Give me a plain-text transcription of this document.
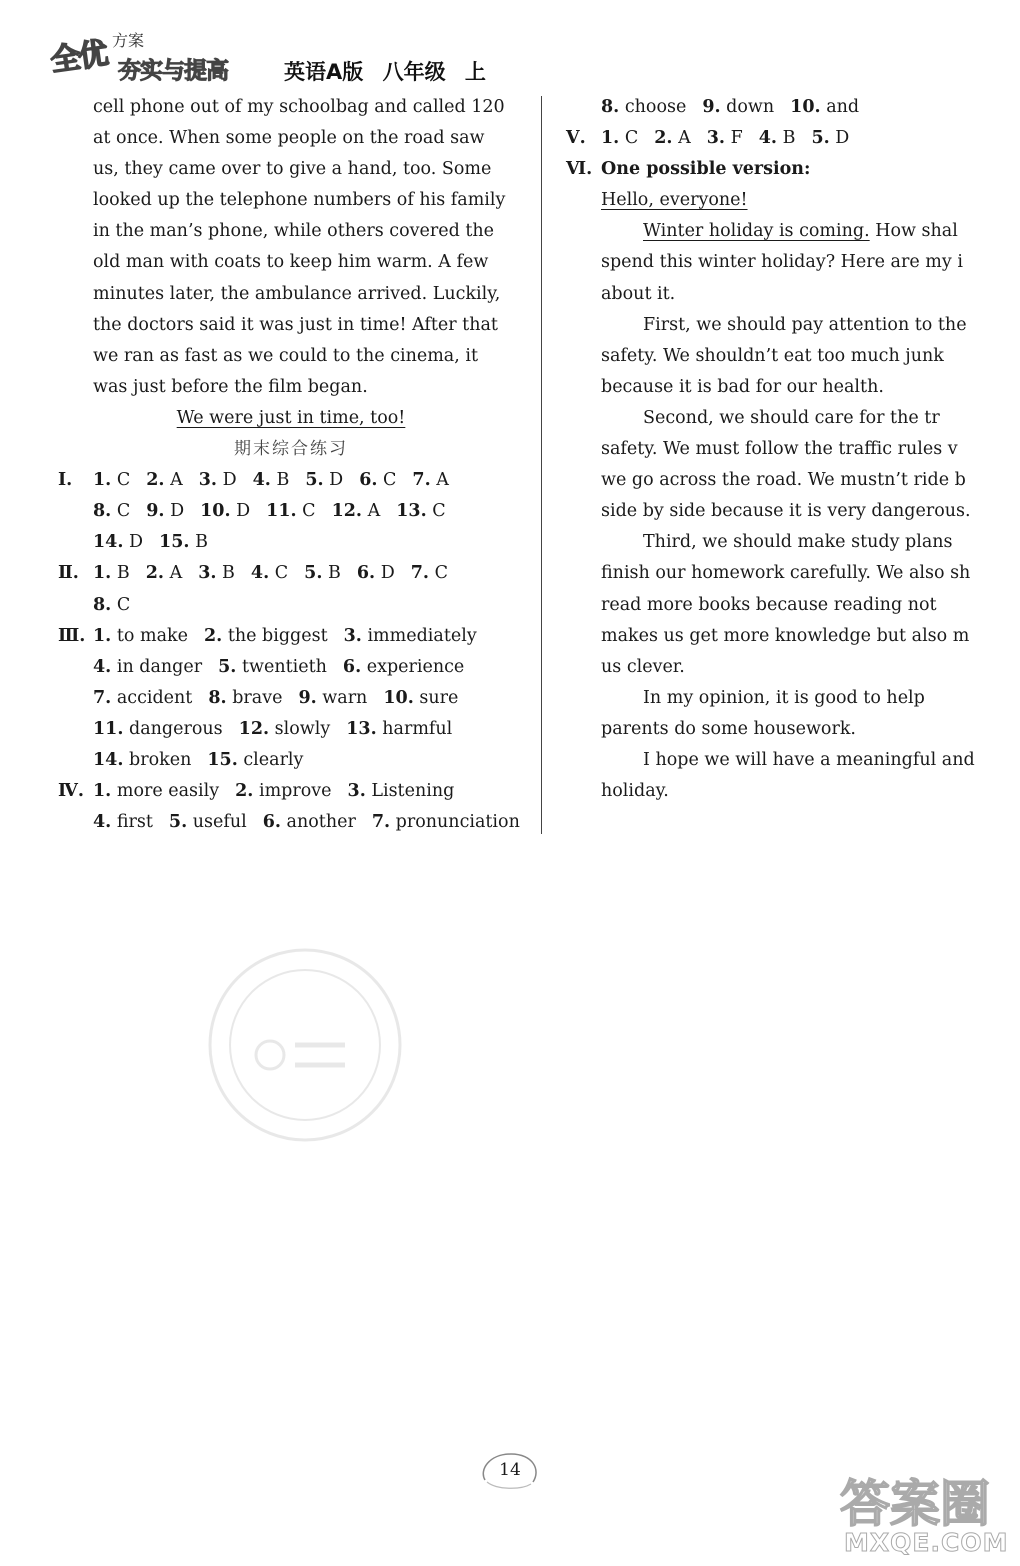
全优 方案
夯实与提高	英语A版 八年级 上

cell phone out of my schoolbag and called 120

at once. When some people on the road saw

us, they came over to give a hand, too. Some

looked up the telephone numbers of his family

in the man’s phone, while others covered the

old man with coats to keep him warm. A few

minutes later, the ambulance arrived. Luckily,

the doctors said it was just in time! After that

we ran as fast as we could to the cinema, it

was just before the film began.

We were just in time, too!

期末综合练习

Ⅰ.	1. C 2. A 3. D 4. B 5. D 6. C 7. A
8. C 9. D 10. D 11. C 12. A 13. C
14. D 15. B
Ⅱ. 1. B 2. A 3. B 4. C 5. B 6. D 7. C
8. C
Ⅲ. 1. to make 2. the biggest 3. immediately
4. in danger 5. twentieth 6. experience
7. accident 8. brave 9. warn 10. sure
11. dangerous 12. slowly 13. harmful
14. broken 15. clearly
Ⅳ. 1. more easily 2. improve 3. Listening
4. first 5. useful 6. another 7. pronunciation
8. choose 9. down 10. and
Ⅴ. 1. C 2. A 3. F 4. B 5. D
Ⅵ. One possible version:
Hello, everyone!

Winter holiday is coming. How shal

spend this winter holiday? Here are my i

about it.

First, we should pay attention to the

safety. We shouldn’t eat too much junk

because it is bad for our health.

Second, we should care for the tr

safety. We must follow the traffic rules v

we go across the road. We mustn’t ride b

side by side because it is very dangerous.

Third, we should make study plans

finish our homework carefully. We also sh

read more books because reading not

makes us get more knowledge but also m

us clever.

In my opinion, it is good to help

parents do some housework.

I hope we will have a meaningful and

holiday.

14
答案圈
MXQE.COM
